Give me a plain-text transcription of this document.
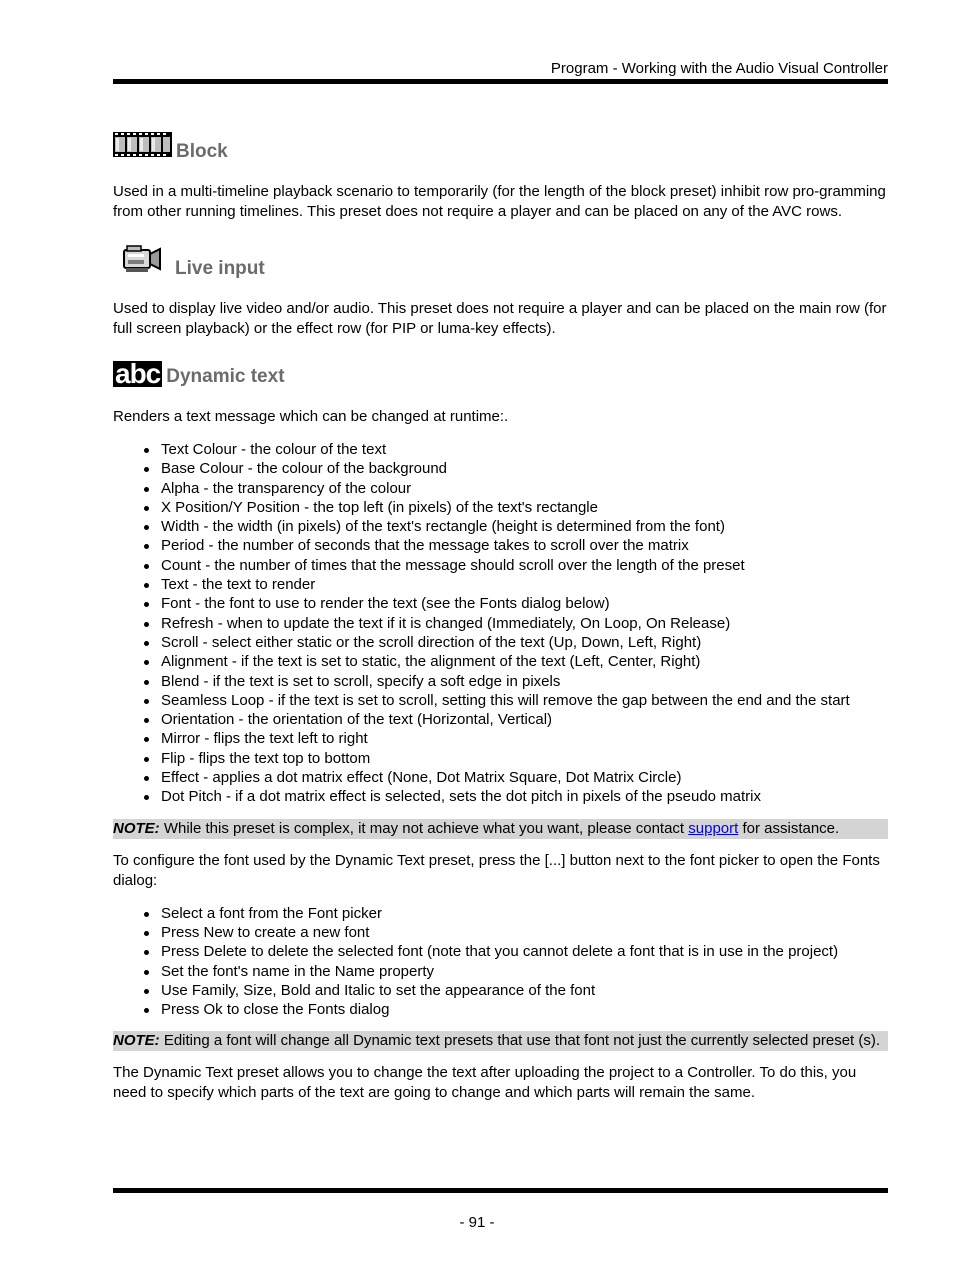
Program - Working with the Audio Visual Controller
Block

Used in a multi-timeline playback scenario to temporarily (for the length of the block preset) inhibit row pro-gramming from other running timelines. This preset does not require a player and can be placed on any of the AVC rows.

Live input

Used to display live video and/or audio. This preset does not require a player and can be placed on the main row (for full screen playback) or the effect row (for PIP or luma-key effects).

abc Dynamic text

Renders a text message which can be changed at runtime:.

Text Colour - the colour of the text
Base Colour - the colour of the background
Alpha - the transparency of the colour
X Position/Y Position - the top left (in pixels) of the text's rectangle
Width - the width (in pixels) of the text's rectangle (height is determined from the font)
Period - the number of seconds that the message takes to scroll over the matrix
Count - the number of times that the message should scroll over the length of the preset
Text - the text to render
Font - the font to use to render the text (see the Fonts dialog below)
Refresh - when to update the text if it is changed (Immediately, On Loop, On Release)
Scroll - select either static or the scroll direction of the text (Up, Down, Left, Right)
Alignment - if the text is set to static, the alignment of the text (Left, Center, Right)
Blend - if the text is set to scroll, specify a soft edge in pixels
Seamless Loop - if the text is set to scroll, setting this will remove the gap between the end and the start
Orientation - the orientation of the text (Horizontal, Vertical)
Mirror - flips the text left to right
Flip - flips the text top to bottom
Effect - applies a dot matrix effect (None, Dot Matrix Square, Dot Matrix Circle)
Dot Pitch - if a dot matrix effect is selected, sets the dot pitch in pixels of the pseudo matrix

NOTE: While this preset is complex, it may not achieve what you want, please contact support for assistance.

To configure the font used by the Dynamic Text preset, press the [...] button next to the font picker to open the Fonts dialog:

Select a font from the Font picker
Press New to create a new font
Press Delete to delete the selected font (note that you cannot delete a font that is in use in the project)
Set the font's name in the Name property
Use Family, Size, Bold and Italic to set the appearance of the font
Press Ok to close the Fonts dialog

NOTE: Editing a font will change all Dynamic text presets that use that font not just the currently selected preset (s).

The Dynamic Text preset allows you to change the text after uploading the project to a Controller. To do this, you need to specify which parts of the text are going to change and which parts will remain the same.

- 91 -
